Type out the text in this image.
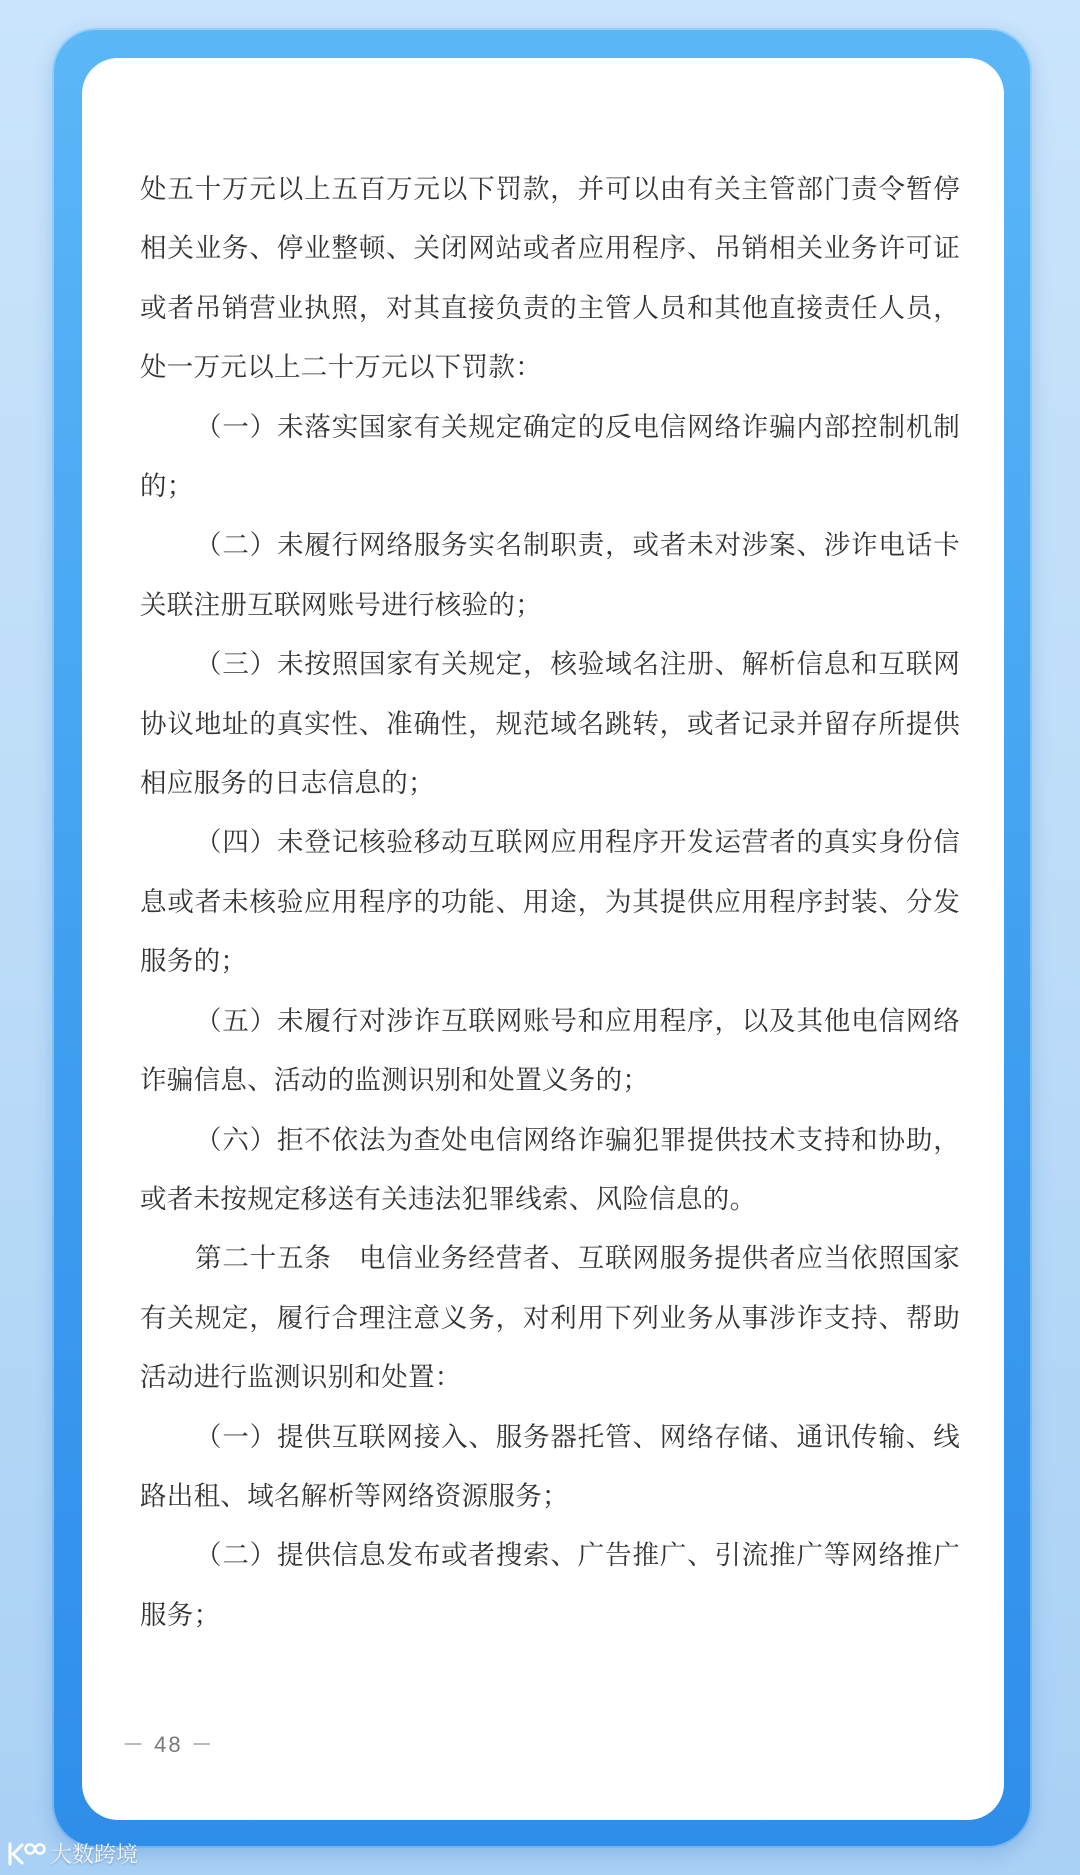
处五十万元以上五百万元以下罚款，并可以由有关主管部门责令暂停相关业务、停业整顿、关闭网站或者应用程序、吊销相关业务许可证或者吊销营业执照，对其直接负责的主管人员和其他直接责任人员，处一万元以上二十万元以下罚款：

（一）未落实国家有关规定确定的反电信网络诈骗内部控制机制的；

（二）未履行网络服务实名制职责，或者未对涉案、涉诈电话卡关联注册互联网账号进行核验的；

（三）未按照国家有关规定，核验域名注册、解析信息和互联网协议地址的真实性、准确性，规范域名跳转，或者记录并留存所提供相应服务的日志信息的；

（四）未登记核验移动互联网应用程序开发运营者的真实身份信息或者未核验应用程序的功能、用途，为其提供应用程序封装、分发服务的；

（五）未履行对涉诈互联网账号和应用程序，以及其他电信网络诈骗信息、活动的监测识别和处置义务的；

（六）拒不依法为查处电信网络诈骗犯罪提供技术支持和协助，或者未按规定移送有关违法犯罪线索、风险信息的。

第二十五条　电信业务经营者、互联网服务提供者应当依照国家有关规定，履行合理注意义务，对利用下列业务从事涉诈支持、帮助活动进行监测识别和处置：

（一）提供互联网接入、服务器托管、网络存储、通讯传输、线路出租、域名解析等网络资源服务；

（二）提供信息发布或者搜索、广告推广、引流推广等网络推广服务；

－ 48 －
大数跨境
